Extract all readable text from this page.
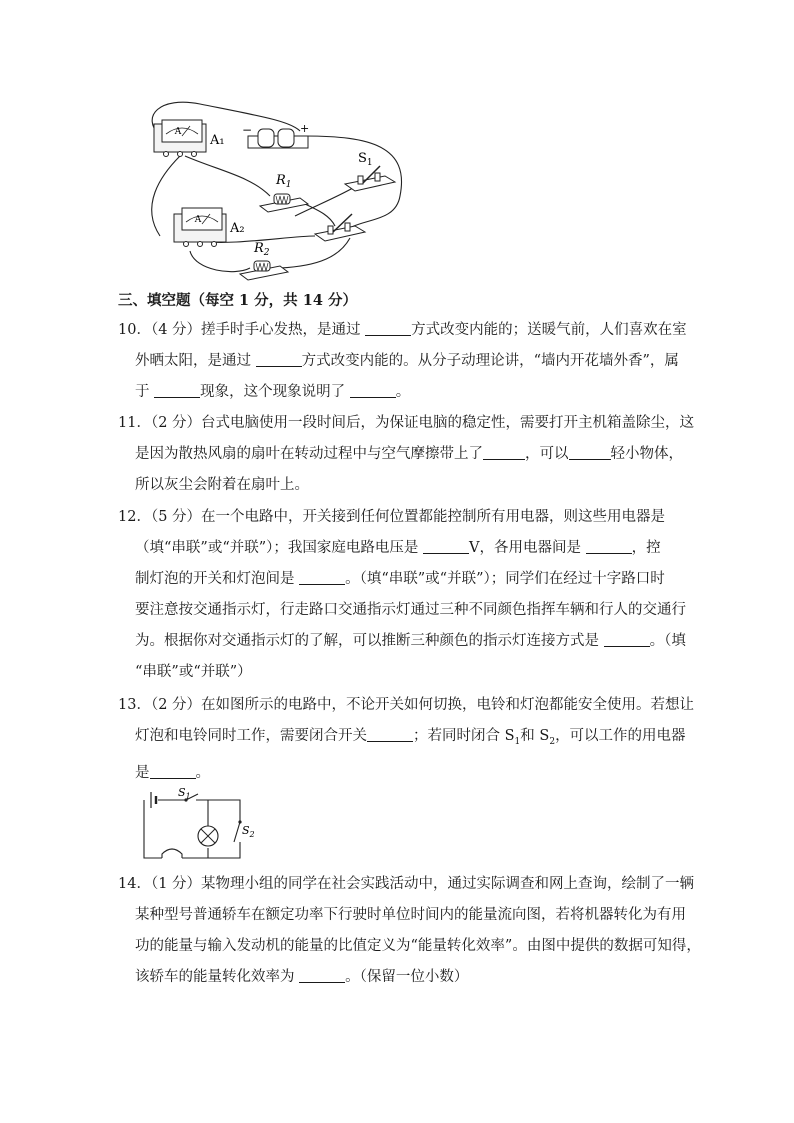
A
A₁
−	+
$S_1$
$R_1$
A
A₂
$R_2$
三、填空题（每空 1 分，共 14 分）
10．（4 分）搓手时手心发热，是通过	方式改变内能的；送暖气前，人们喜欢在室
外晒太阳，是通过	方式改变内能的。从分子动理论讲，“墙内开花墙外香”，属
于	现象，这个现象说明了	。
11．（2 分）台式电脑使用一段时间后，为保证电脑的稳定性，需要打开主机箱盖除尘，这
是因为散热风扇的扇叶在转动过程中与空气摩擦带上了	，可以	轻小物体，
所以灰尘会附着在扇叶上。
12．（5 分）在一个电路中，开关接到任何位置都能控制所有用电器，则这些用电器是
（填“串联”或“并联”）；我国家庭电路电压是	V，各用电器间是	，控
制灯泡的开关和灯泡间是	。（填“串联”或“并联”）；同学们在经过十字路口时
要注意按交通指示灯，行走路口交通指示灯通过三种不同颜色指挥车辆和行人的交通行
为。根据你对交通指示灯的了解，可以推断三种颜色的指示灯连接方式是	。（填
“串联”或“并联”）
13．（2 分）在如图所示的电路中，不论开关如何切换，电铃和灯泡都能安全使用。若想让
灯泡和电铃同时工作，需要闭合开关	；若同时闭合 $S_1$和 $S_2$，可以工作的用电器
是	。
$S_1$
$S_2$
14．（1 分）某物理小组的同学在社会实践活动中，通过实际调查和网上查询，绘制了一辆
某种型号普通轿车在额定功率下行驶时单位时间内的能量流向图，若将机器转化为有用
功的能量与输入发动机的能量的比值定义为“能量转化效率”。由图中提供的数据可知得，
该轿车的能量转化效率为	。（保留一位小数）
